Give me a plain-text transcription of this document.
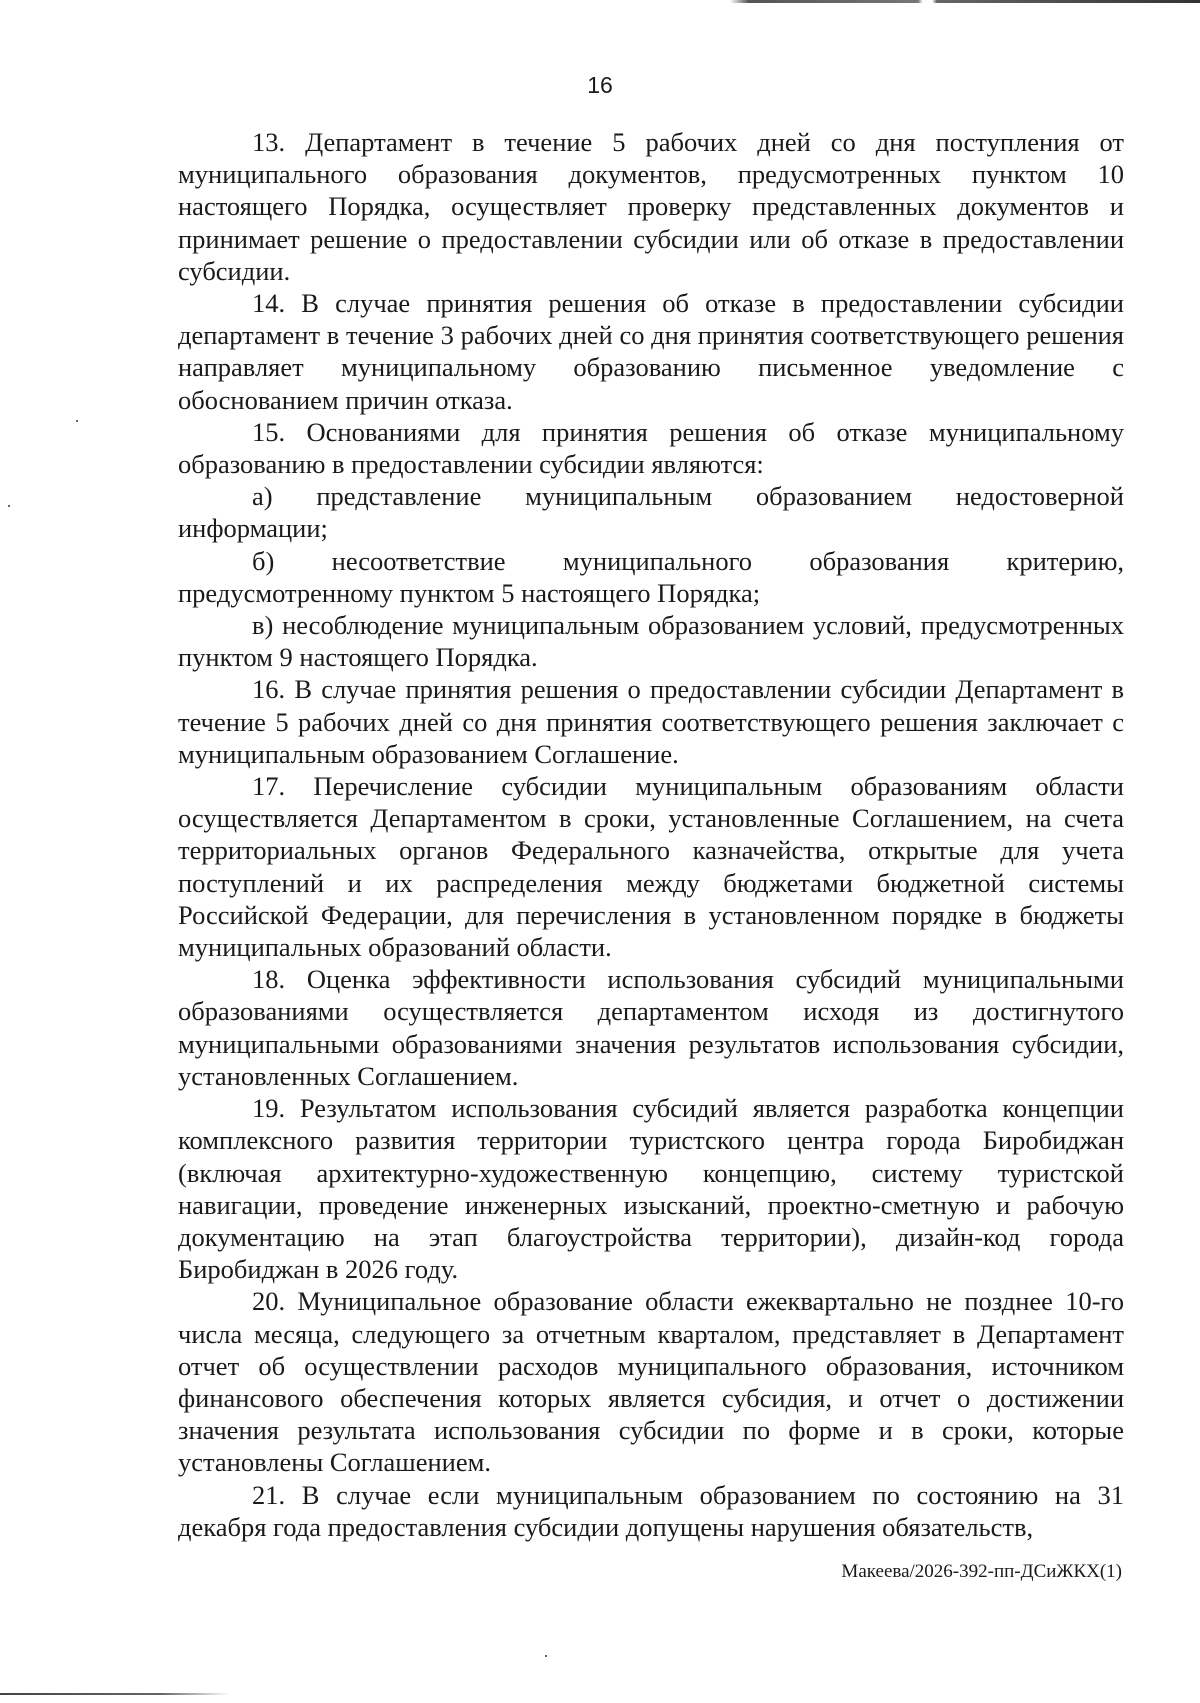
16

13. Департамент в течение 5 рабочих дней со дня поступления от муниципального образования документов, предусмотренных пунктом 10 настоящего Порядка, осуществляет проверку представленных документов и принимает решение о предоставлении субсидии или об отказе в предоставлении субсидии.

14. В случае принятия решения об отказе в предоставлении субсидии департамент в течение 3 рабочих дней со дня принятия соответствующего решения направляет муниципальному образованию письменное уведомление с обоснованием причин отказа.

15. Основаниями для принятия решения об отказе муниципальному образованию в предоставлении субсидии являются:

а) представление муниципальным образованием недостоверной информации;

б) несоответствие муниципального образования критерию, предусмотренному пунктом 5 настоящего Порядка;

в) несоблюдение муниципальным образованием условий, предусмотренных пунктом 9 настоящего Порядка.

16. В случае принятия решения о предоставлении субсидии Департамент в течение 5 рабочих дней со дня принятия соответствующего решения заключает с муниципальным образованием Соглашение.

17. Перечисление субсидии муниципальным образованиям области осуществляется Департаментом в сроки, установленные Соглашением, на счета территориальных органов Федерального казначейства, открытые для учета поступлений и их распределения между бюджетами бюджетной системы Российской Федерации, для перечисления в установленном порядке в бюджеты муниципальных образований области.

18. Оценка эффективности использования субсидий муниципальными образованиями осуществляется департаментом исходя из достигнутого муниципальными образованиями значения результатов использования субсидии, установленных Соглашением.

19. Результатом использования субсидий является разработка концепции комплексного развития территории туристского центра города Биробиджан (включая архитектурно-художественную концепцию, систему туристской навигации, проведение инженерных изысканий, проектно-сметную и рабочую документацию на этап благоустройства территории), дизайн-код города Биробиджан в 2026 году.

20. Муниципальное образование области ежеквартально не позднее 10-го числа месяца, следующего за отчетным кварталом, представляет в Департамент отчет об осуществлении расходов муниципального образования, источником финансового обеспечения которых является субсидия, и отчет о достижении значения результата использования субсидии по форме и в сроки, которые установлены Соглашением.

21. В случае если муниципальным образованием по состоянию на 31 декабря года предоставления субсидии допущены нарушения обязательств,

Макеева/2026-392-пп-ДСиЖКХ(1)
